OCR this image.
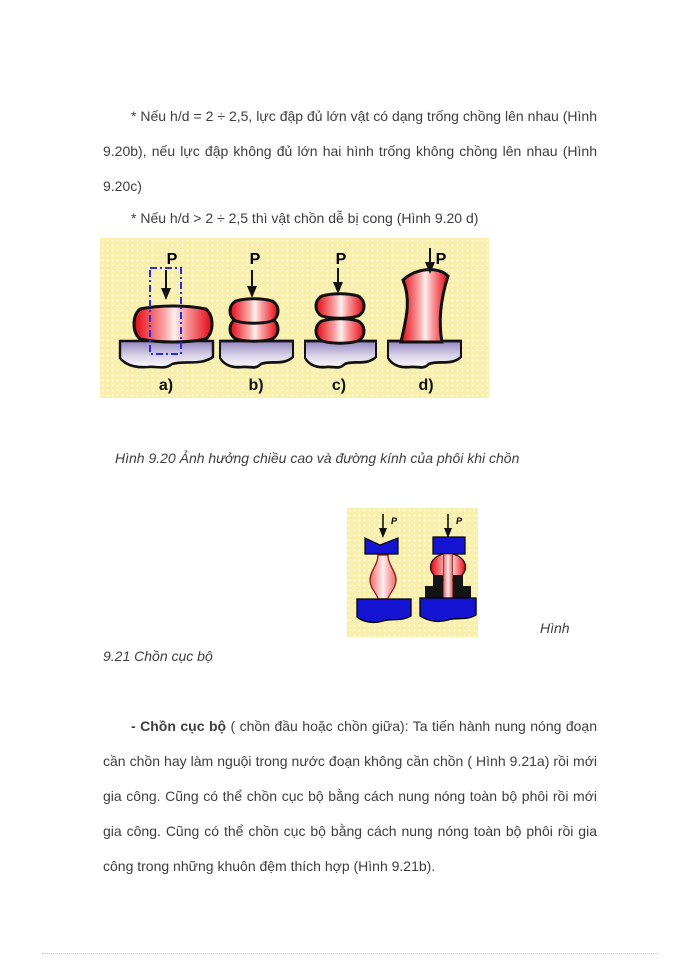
* Nếu h/d = 2 ÷ 2,5, lực đập đủ lớn vật có dạng trống chồng lên nhau (Hình 9.20b), nếu lực đập không đủ lớn hai hình trống không chồng lên nhau (Hình 9.20c)

* Nếu h/d > 2 ÷ 2,5 thì vật chồn dễ bị cong (Hình 9.20 d)

P
a)
P
b)
P
c)
P
d)
Hình 9.20 Ảnh hưởng chiều cao và đường kính của phôi khi chồn
P	P
Hình
9.21 Chồn cục bộ

- Chồn cục bộ ( chồn đầu hoặc chồn giữa): Ta tiến hành nung nóng đoạn cần chồn hay làm nguội trong nước đoạn không cần chồn ( Hình 9.21a) rồi mới gia công. Cũng có thể chồn cục bộ bằng cách nung nóng toàn bộ phôi rồi mới gia công. Cũng có thể chồn cục bộ bằng cách nung nóng toàn bộ phôi rồi gia công trong những khuôn đệm thích hợp (Hình 9.21b).
